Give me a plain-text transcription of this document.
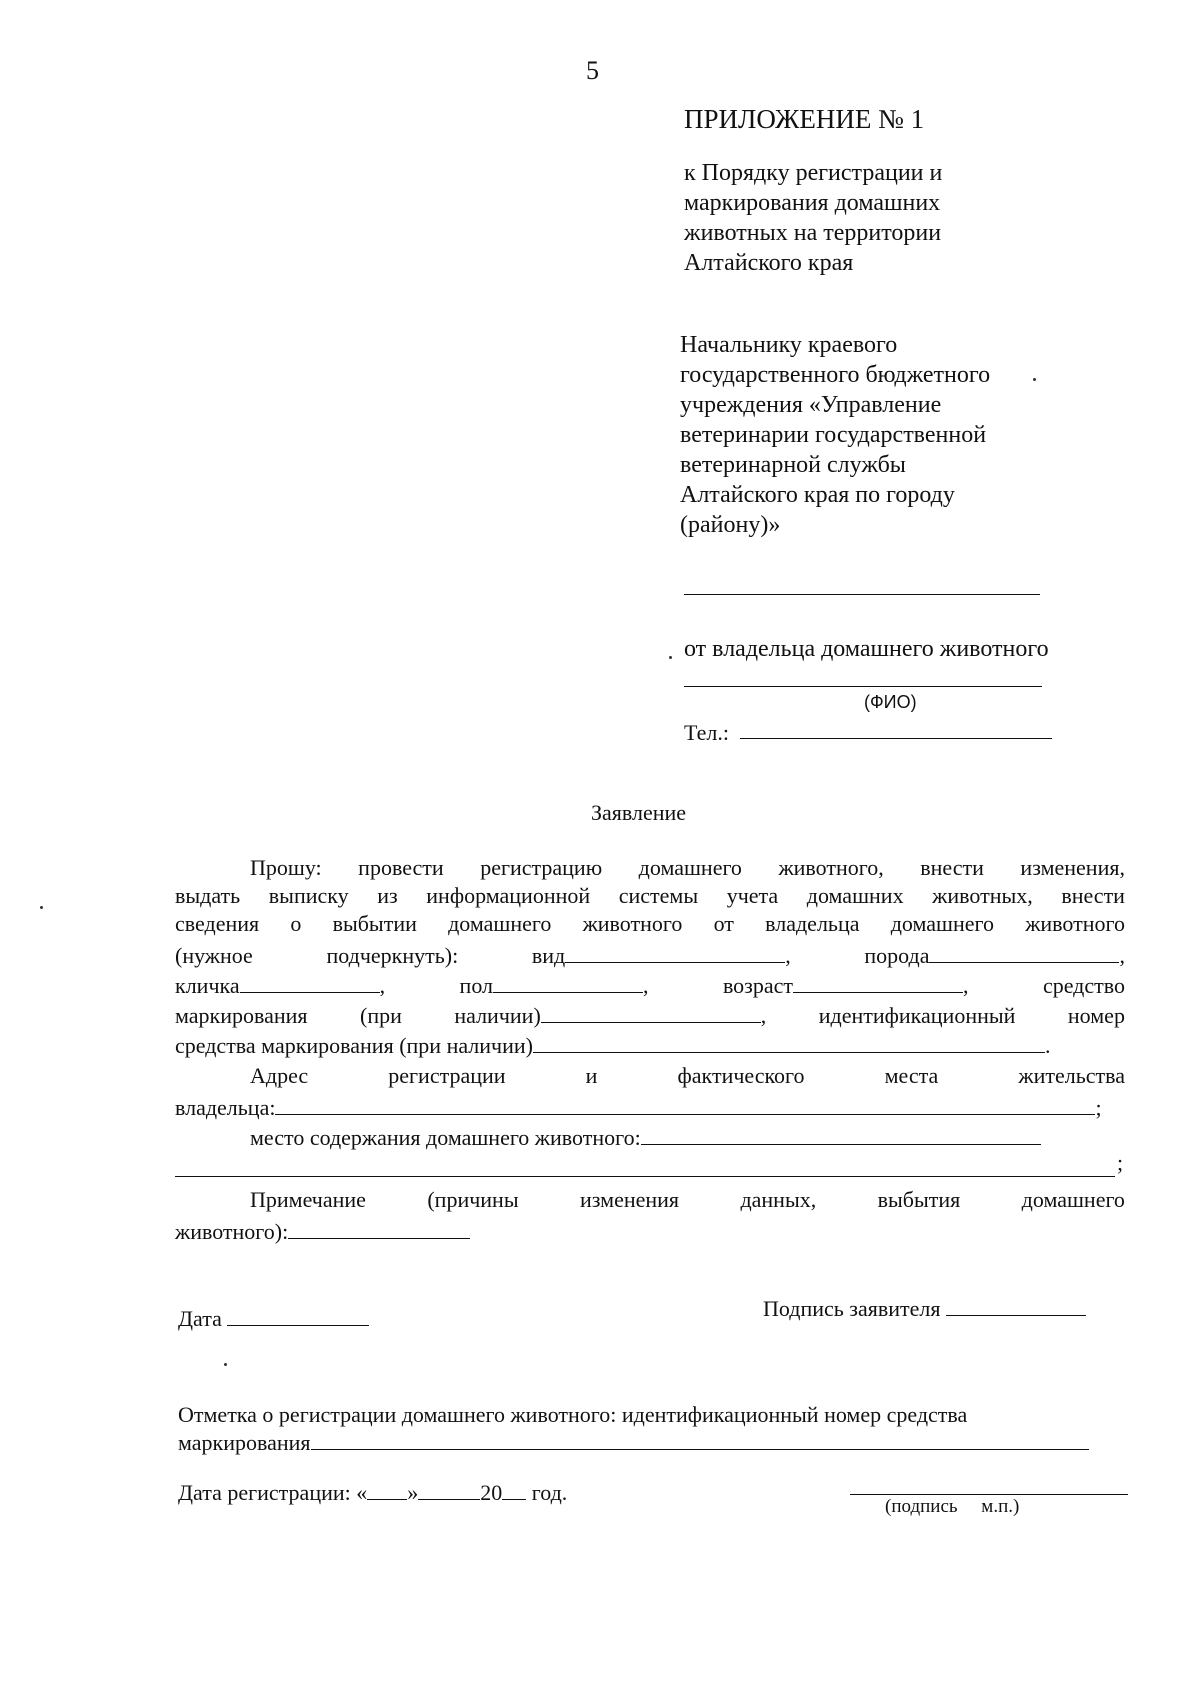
5
ПРИЛОЖЕНИЕ № 1

к Порядку регистрации и

маркирования домашних

животных на территории

Алтайского края

Начальнику краевого

государственного бюджетного

учреждения «Управление

ветеринарии государственной

ветеринарной службы

Алтайского края по городу

(району)»

от владельца домашнего животного
(ФИО)
Тел.:
Заявление
Прошу: провести регистрацию домашнего животного, внести изменения,
выдать выписку из информационной системы учета домашних животных, внести
сведения о выбытии домашнего животного от владельца домашнего животного
(нужное	подчеркнуть):	вид	,	порода	,
кличка	,	пол	,	возраст	,	средство
маркирования (при наличии)	, идентификационный номер
средства маркирования (при наличии)	.
Адрес	регистрации	и	фактического	места	жительства
владельца:	;
место содержания домашнего животного:
;
Примечание	(причины	изменения	данных,	выбытия	домашнего
животного):
Дата	Подпись заявителя
Отметка о регистрации домашнего животного: идентификационный номер средства
маркирования
Дата регистрации: « »	20 год.
(подпись     м.п.)
